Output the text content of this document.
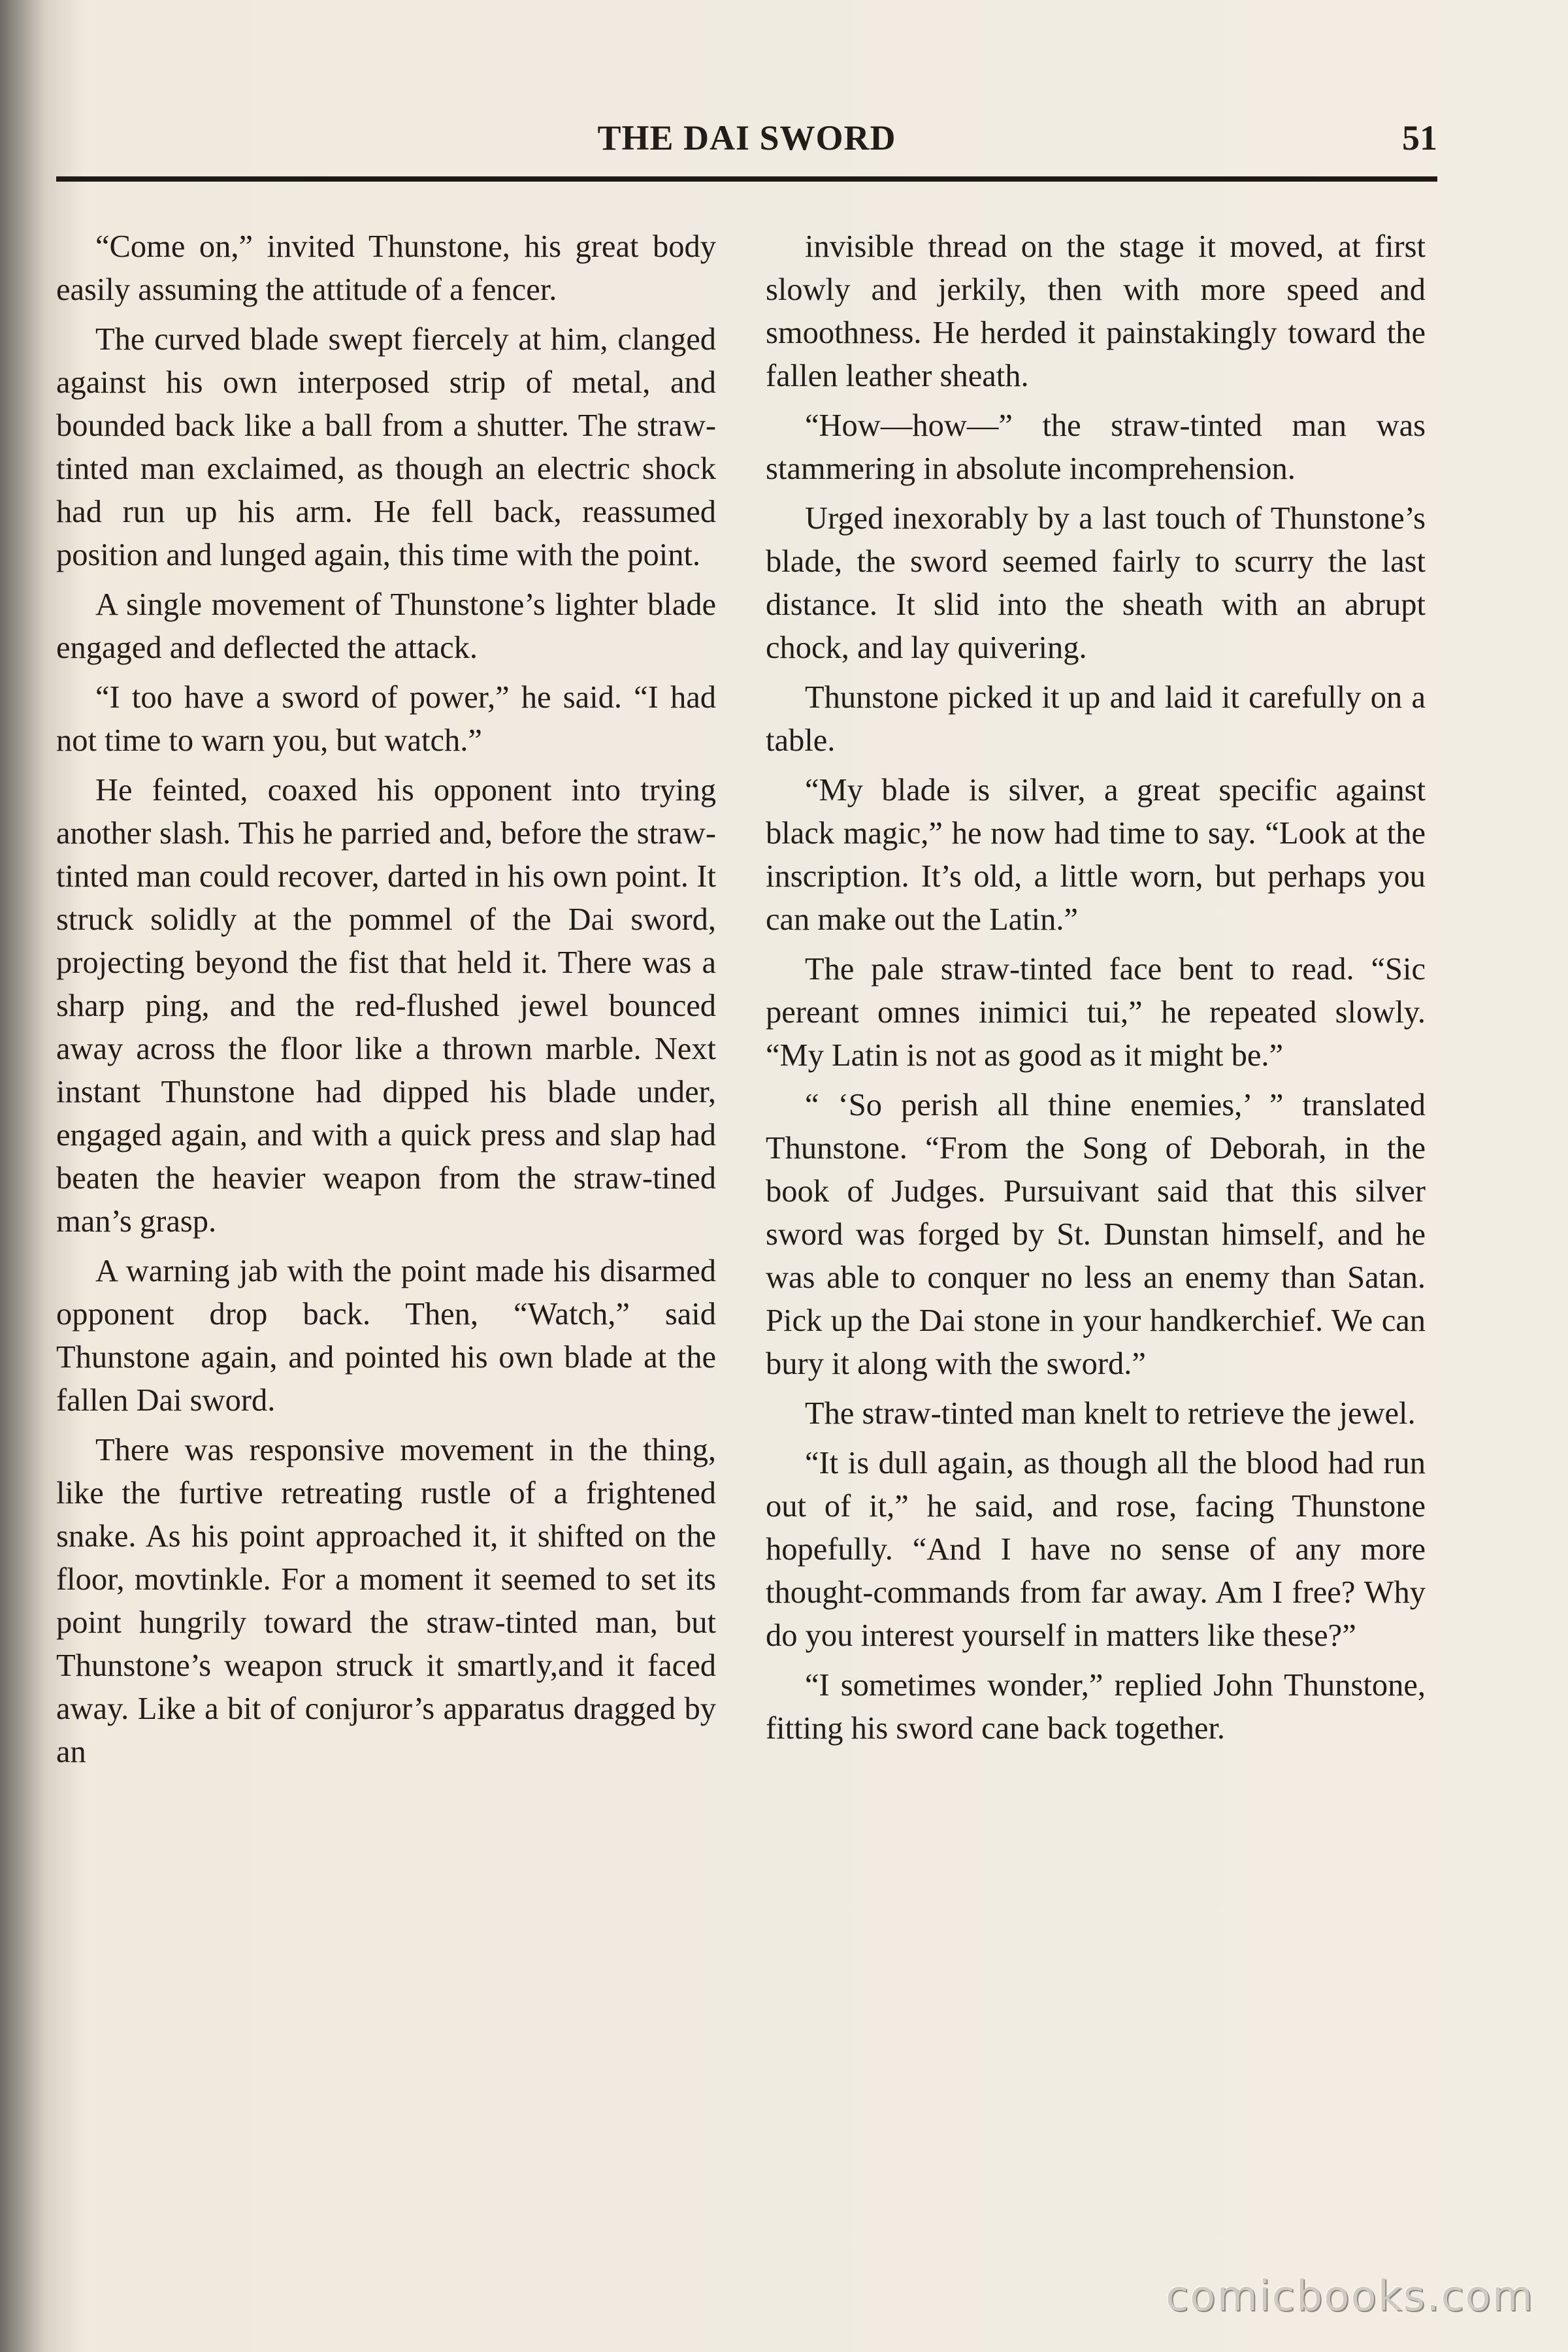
THE DAI SWORD	51

“Come on,” invited Thunstone, his great body easily assuming the attitude of a fencer.

The curved blade swept fiercely at him, clanged against his own interposed strip of metal, and bounded back like a ball from a shutter. The straw-tinted man exclaimed, as though an electric shock had run up his arm. He fell back, reassumed position and lunged again, this time with the point.

A single movement of Thunstone’s lighter blade engaged and deflected the attack.

“I too have a sword of power,” he said. “I had not time to warn you, but watch.”

He feinted, coaxed his opponent into trying another slash. This he parried and, before the straw-tinted man could recover, darted in his own point. It struck solidly at the pommel of the Dai sword, projecting beyond the fist that held it. There was a sharp ping, and the red-flushed jewel bounced away across the floor like a thrown marble. Next instant Thunstone had dipped his blade under, engaged again, and with a quick press and slap had beaten the heavier weapon from the straw-tined man’s grasp.

A warning jab with the point made his disarmed opponent drop back. Then, “Watch,” said Thunstone again, and pointed his own blade at the fallen Dai sword.

There was responsive movement in the thing, like the furtive retreating rustle of a frightened snake. As his point approached it, it shifted on the floor, movtinkle. For a moment it seemed to set its point hungrily toward the straw-tinted man, but Thunstone’s weapon struck it smartly,and it faced away. Like a bit of conjuror’s apparatus dragged by an

invisible thread on the stage it moved, at first slowly and jerkily, then with more speed and smoothness. He herded it painstakingly toward the fallen leather sheath.

“How—how—” the straw-tinted man was stammering in absolute incomprehension.

Urged inexorably by a last touch of Thunstone’s blade, the sword seemed fairly to scurry the last distance. It slid into the sheath with an abrupt chock, and lay quivering.

Thunstone picked it up and laid it carefully on a table.

“My blade is silver, a great specific against black magic,” he now had time to say. “Look at the inscription. It’s old, a little worn, but perhaps you can make out the Latin.”

The pale straw-tinted face bent to read. “Sic pereant omnes inimici tui,” he repeated slowly. “My Latin is not as good as it might be.”

“ ‘So perish all thine enemies,’ ” translated Thunstone. “From the Song of Deborah, in the book of Judges. Pursuivant said that this silver sword was forged by St. Dunstan himself, and he was able to conquer no less an enemy than Satan. Pick up the Dai stone in your handkerchief. We can bury it along with the sword.”

The straw-tinted man knelt to retrieve the jewel.

“It is dull again, as though all the blood had run out of it,” he said, and rose, facing Thunstone hopefully. “And I have no sense of any more thought-commands from far away. Am I free? Why do you interest yourself in matters like these?”

“I sometimes wonder,” replied John Thunstone, fitting his sword cane back together.

comicbooks.com
